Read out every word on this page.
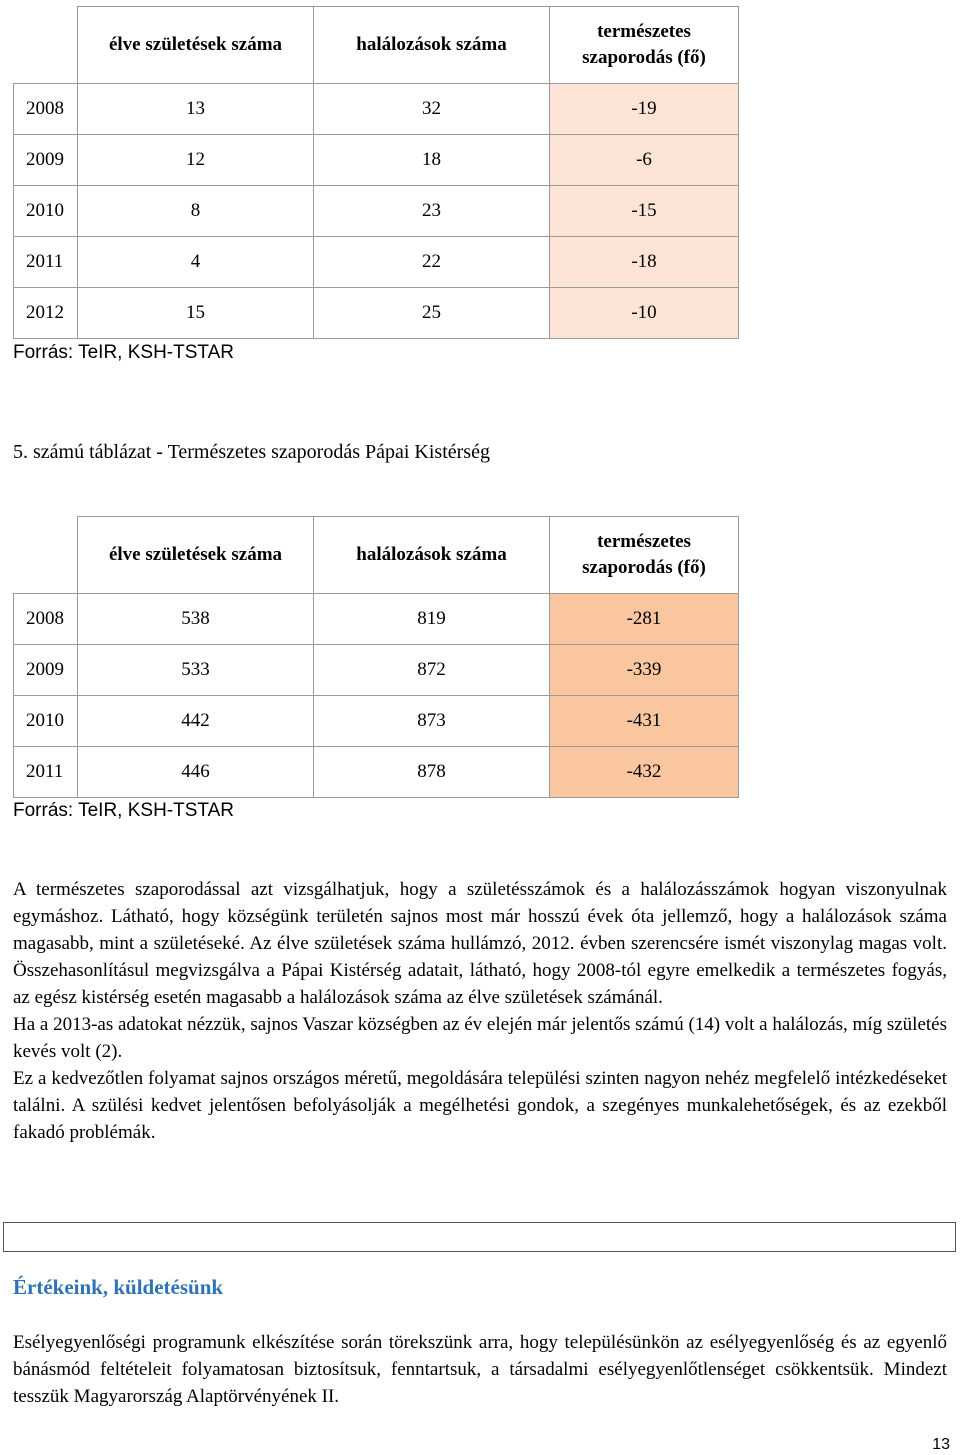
	élve születések száma	halálozások száma	természetes szaporodás (fő)
2008	13	32	-19
2009	12	18	-6
2010	8	23	-15
2011	4	22	-18
2012	15	25	-10
Forrás: TeIR, KSH-TSTAR
5. számú táblázat - Természetes szaporodás Pápai Kistérség
	élve születések száma	halálozások száma	természetes szaporodás (fő)
2008	538	819	-281
2009	533	872	-339
2010	442	873	-431
2011	446	878	-432
Forrás: TeIR, KSH-TSTAR

A természetes szaporodással azt vizsgálhatjuk, hogy a születésszámok és a halálozásszámok hogyan viszonyulnak egymáshoz. Látható, hogy községünk területén sajnos most már hosszú évek óta jellemző, hogy a halálozások száma magasabb, mint a születéseké. Az élve születések száma hullámzó, 2012. évben szerencsére ismét viszonylag magas volt. Összehasonlításul megvizsgálva a Pápai Kistérség adatait, látható, hogy 2008-tól egyre emelkedik a természetes fogyás, az egész kistérség esetén magasabb a halálozások száma az élve születések számánál.

Ha a 2013-as adatokat nézzük, sajnos Vaszar községben az év elején már jelentős számú (14) volt a halálozás, míg születés kevés volt (2).

Ez a kedvezőtlen folyamat sajnos országos méretű, megoldására települési szinten nagyon nehéz megfelelő intézkedéseket találni. A szülési kedvet jelentősen befolyásolják a megélhetési gondok, a szegényes munkalehetőségek, és az ezekből fakadó problémák.

Értékeink, küldetésünk

Esélyegyenlőségi programunk elkészítése során törekszünk arra, hogy településünkön az esélyegyenlőség és az egyenlő bánásmód feltételeit folyamatosan biztosítsuk, fenntartsuk, a társadalmi esélyegyenlőtlenséget csökkentsük. Mindezt tesszük Magyarország Alaptörvényének II.

13
